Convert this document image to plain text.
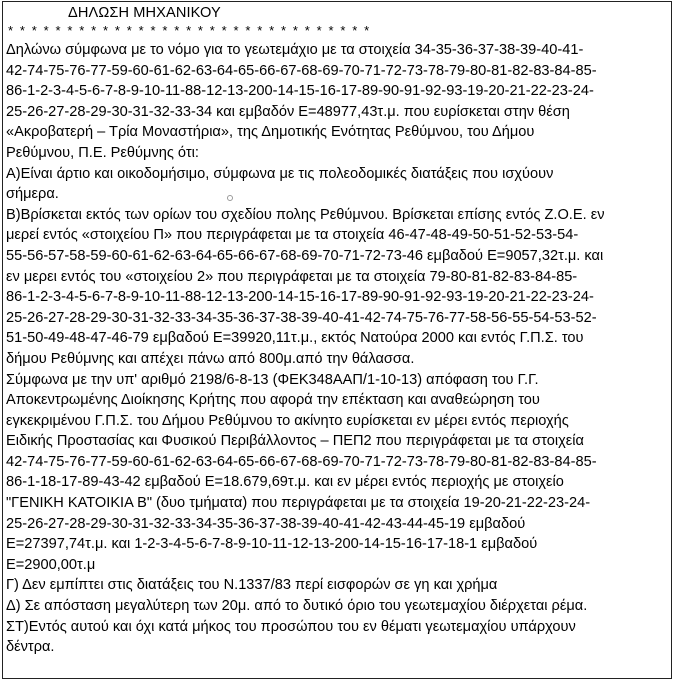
ΔΗΛΩΣΗ ΜΗΧΑΝΙΚΟΥ
* * * * * * * * * * * * * * * * * * * * * * * * * * * * * * *
Δηλώνω σύμφωνα με το νόμο για το γεωτεμάχιο με τα στοιχεία 34-35-36-37-38-39-40-41-
42-74-75-76-77-59-60-61-62-63-64-65-66-67-68-69-70-71-72-73-78-79-80-81-82-83-84-85-
86-1-2-3-4-5-6-7-8-9-10-11-88-12-13-200-14-15-16-17-89-90-91-92-93-19-20-21-22-23-24-
25-26-27-28-29-30-31-32-33-34 και εμβαδόν Ε=48977,43τ.μ. που ευρίσκεται στην θέση
«Ακροβατερή – Τρία Μοναστήρια», της Δημοτικής Ενότητας Ρεθύμνου, του Δήμου
Ρεθύμνου, Π.Ε. Ρεθύμνης ότι:
Α)Είναι άρτιο και οικοδομήσιμο, σύμφωνα με τις πολεοδομικές διατάξεις που ισχύουν
σήμερα.
Β)Βρίσκεται εκτός των ορίων του σχεδίου πολης Ρεθύμνου. Βρίσκεται επίσης εντός Ζ.Ο.Ε. εν
μερεί εντός «στοιχείου Π» που περιγράφεται με τα στοιχεία 46-47-48-49-50-51-52-53-54-
55-56-57-58-59-60-61-62-63-64-65-66-67-68-69-70-71-72-73-46 εμβαδού Ε=9057,32τ.μ. και
εν μερει εντός του «στοιχείου 2» που περιγράφεται με τα στοιχεία 79-80-81-82-83-84-85-
86-1-2-3-4-5-6-7-8-9-10-11-88-12-13-200-14-15-16-17-89-90-91-92-93-19-20-21-22-23-24-
25-26-27-28-29-30-31-32-33-34-35-36-37-38-39-40-41-42-74-75-76-77-58-56-55-54-53-52-
51-50-49-48-47-46-79 εμβαδού Ε=39920,11τ.μ., εκτός Νατούρα 2000 και εντός Γ.Π.Σ. του
δήμου Ρεθύμνης και απέχει πάνω από 800μ.από την θάλασσα.
Σύμφωνα με την υπ' αριθμό 2198/6-8-13 (ΦΕΚ348ΑΑΠ/1-10-13) απόφαση του Γ.Γ.
Αποκεντρωμένης Διοίκησης Κρήτης που αφορά την επέκταση και αναθεώρηση του
εγκεκριμένου Γ.Π.Σ. του Δήμου Ρεθύμνου το ακίνητο ευρίσκεται εν μέρει εντός περιοχής
Ειδικής Προστασίας και Φυσικού Περιβάλλοντος – ΠΕΠ2 που περιγράφεται με τα στοιχεία
42-74-75-76-77-59-60-61-62-63-64-65-66-67-68-69-70-71-72-73-78-79-80-81-82-83-84-85-
86-1-18-17-89-43-42 εμβαδού Ε=18.679,69τ.μ. και εν μέρει εντός περιοχής με στοιχείο
"ΓΕΝΙΚΗ ΚΑΤΟΙΚΙΑ Β" (δυο τμήματα) που περιγράφεται με τα στοιχεία 19-20-21-22-23-24-
25-26-27-28-29-30-31-32-33-34-35-36-37-38-39-40-41-42-43-44-45-19 εμβαδού
Ε=27397,74τ.μ. και 1-2-3-4-5-6-7-8-9-10-11-12-13-200-14-15-16-17-18-1 εμβαδού
Ε=2900,00τ.μ
Γ) Δεν εμπίπτει στις διατάξεις του Ν.1337/83 περί εισφορών σε γη και χρήμα
Δ) Σε απόσταση μεγαλύτερη των 20μ. από το δυτικό όριο του γεωτεμαχίου διέρχεται ρέμα.
ΣΤ)Εντός αυτού και όχι κατά μήκος του προσώπου του εν θέματι γεωτεμαχίου υπάρχουν
δέντρα.
